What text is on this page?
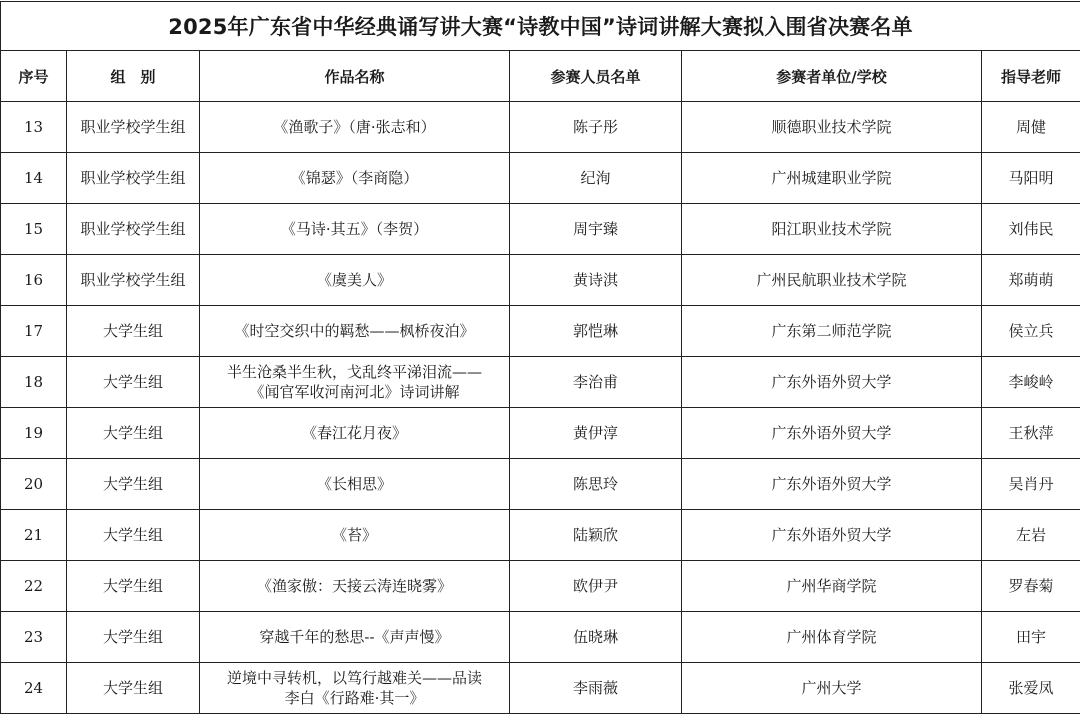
2025年广东省中华经典诵写讲大赛“诗教中国”诗词讲解大赛拟入围省决赛名单					
序号	组　别	作品名称	参赛人员名单	参赛者单位/学校	指导老师
13	职业学校学生组	《渔歌子》（唐·张志和）	陈子彤	顺德职业技术学院	周健
14	职业学校学生组	《锦瑟》（李商隐）	纪洵	广州城建职业学院	马阳明
15	职业学校学生组	《马诗·其五》（李贺）	周宇臻	阳江职业技术学院	刘伟民
16	职业学校学生组	《虞美人》	黄诗淇	广州民航职业技术学院	郑萌萌
17	大学生组	《时空交织中的羁愁——枫桥夜泊》	郭恺琳	广东第二师范学院	侯立兵
18	大学生组	半生沧桑半生秋，戈乱终平涕泪流——
《闻官军收河南河北》诗词讲解	李治甫	广东外语外贸大学	李峻岭
19	大学生组	《春江花月夜》	黄伊淳	广东外语外贸大学	王秋萍
20	大学生组	《长相思》	陈思玲	广东外语外贸大学	吴肖丹
21	大学生组	《苔》	陆颖欣	广东外语外贸大学	左岩
22	大学生组	《渔家傲：天接云涛连晓雾》	欧伊尹	广州华商学院	罗春菊
23	大学生组	穿越千年的愁思--《声声慢》	伍晓琳	广州体育学院	田宇
24	大学生组	逆境中寻转机，以笃行越难关——品读
李白《行路难·其一》	李雨薇	广州大学	张爱凤
